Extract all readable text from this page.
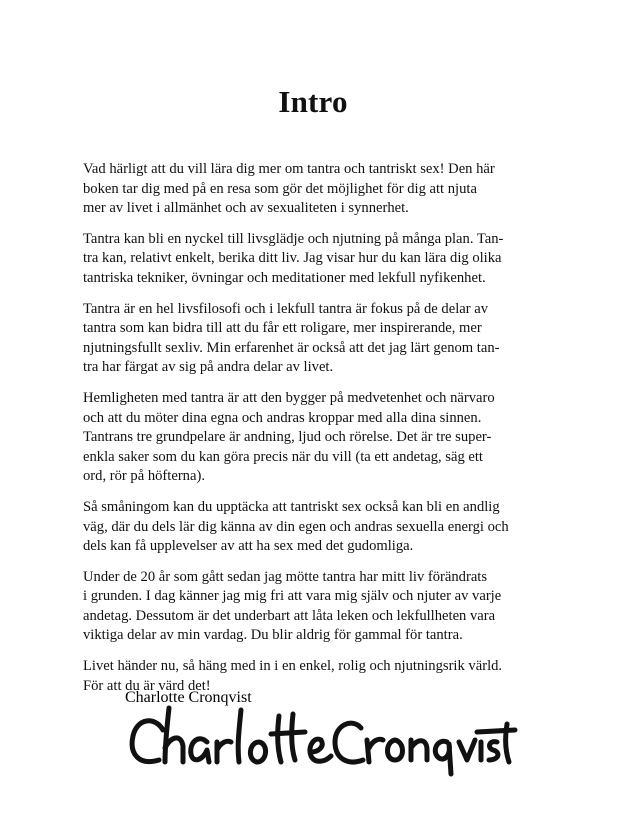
Intro

Vad härligt att du vill lära dig mer om tantra och tantriskt sex! Den här
boken tar dig med på en resa som gör det möjlighet för dig att njuta
mer av livet i allmänhet och av sexualiteten i synnerhet.

Tantra kan bli en nyckel till livsglädje och njutning på många plan. Tan-
tra kan, relativt enkelt, berika ditt liv. Jag visar hur du kan lära dig olika
tantriska tekniker, övningar och meditationer med lekfull nyfikenhet.

Tantra är en hel livsfilosofi och i lekfull tantra är fokus på de delar av
tantra som kan bidra till att du får ett roligare, mer inspirerande, mer
njutningsfullt sexliv. Min erfarenhet är också att det jag lärt genom tan-
tra har färgat av sig på andra delar av livet.

Hemligheten med tantra är att den bygger på medvetenhet och närvaro
och att du möter dina egna och andras kroppar med alla dina sinnen.
Tantrans tre grundpelare är andning, ljud och rörelse. Det är tre super-
enkla saker som du kan göra precis när du vill (ta ett andetag, säg ett
ord, rör på höfterna).

Så småningom kan du upptäcka att tantriskt sex också kan bli en andlig
väg, där du dels lär dig känna av din egen och andras sexuella energi och
dels kan få upplevelser av att ha sex med det gudomliga.

Under de 20 år som gått sedan jag mötte tantra har mitt liv förändrats
i grunden. I dag känner jag mig fri att vara mig själv och njuter av varje
andetag. Dessutom är det underbart att låta leken och lekfullheten vara
viktiga delar av min vardag. Du blir aldrig för gammal för tantra.

Livet händer nu, så häng med in i en enkel, rolig och njutningsrik värld.
För att du är värd det!

Charlotte Cronqvist
